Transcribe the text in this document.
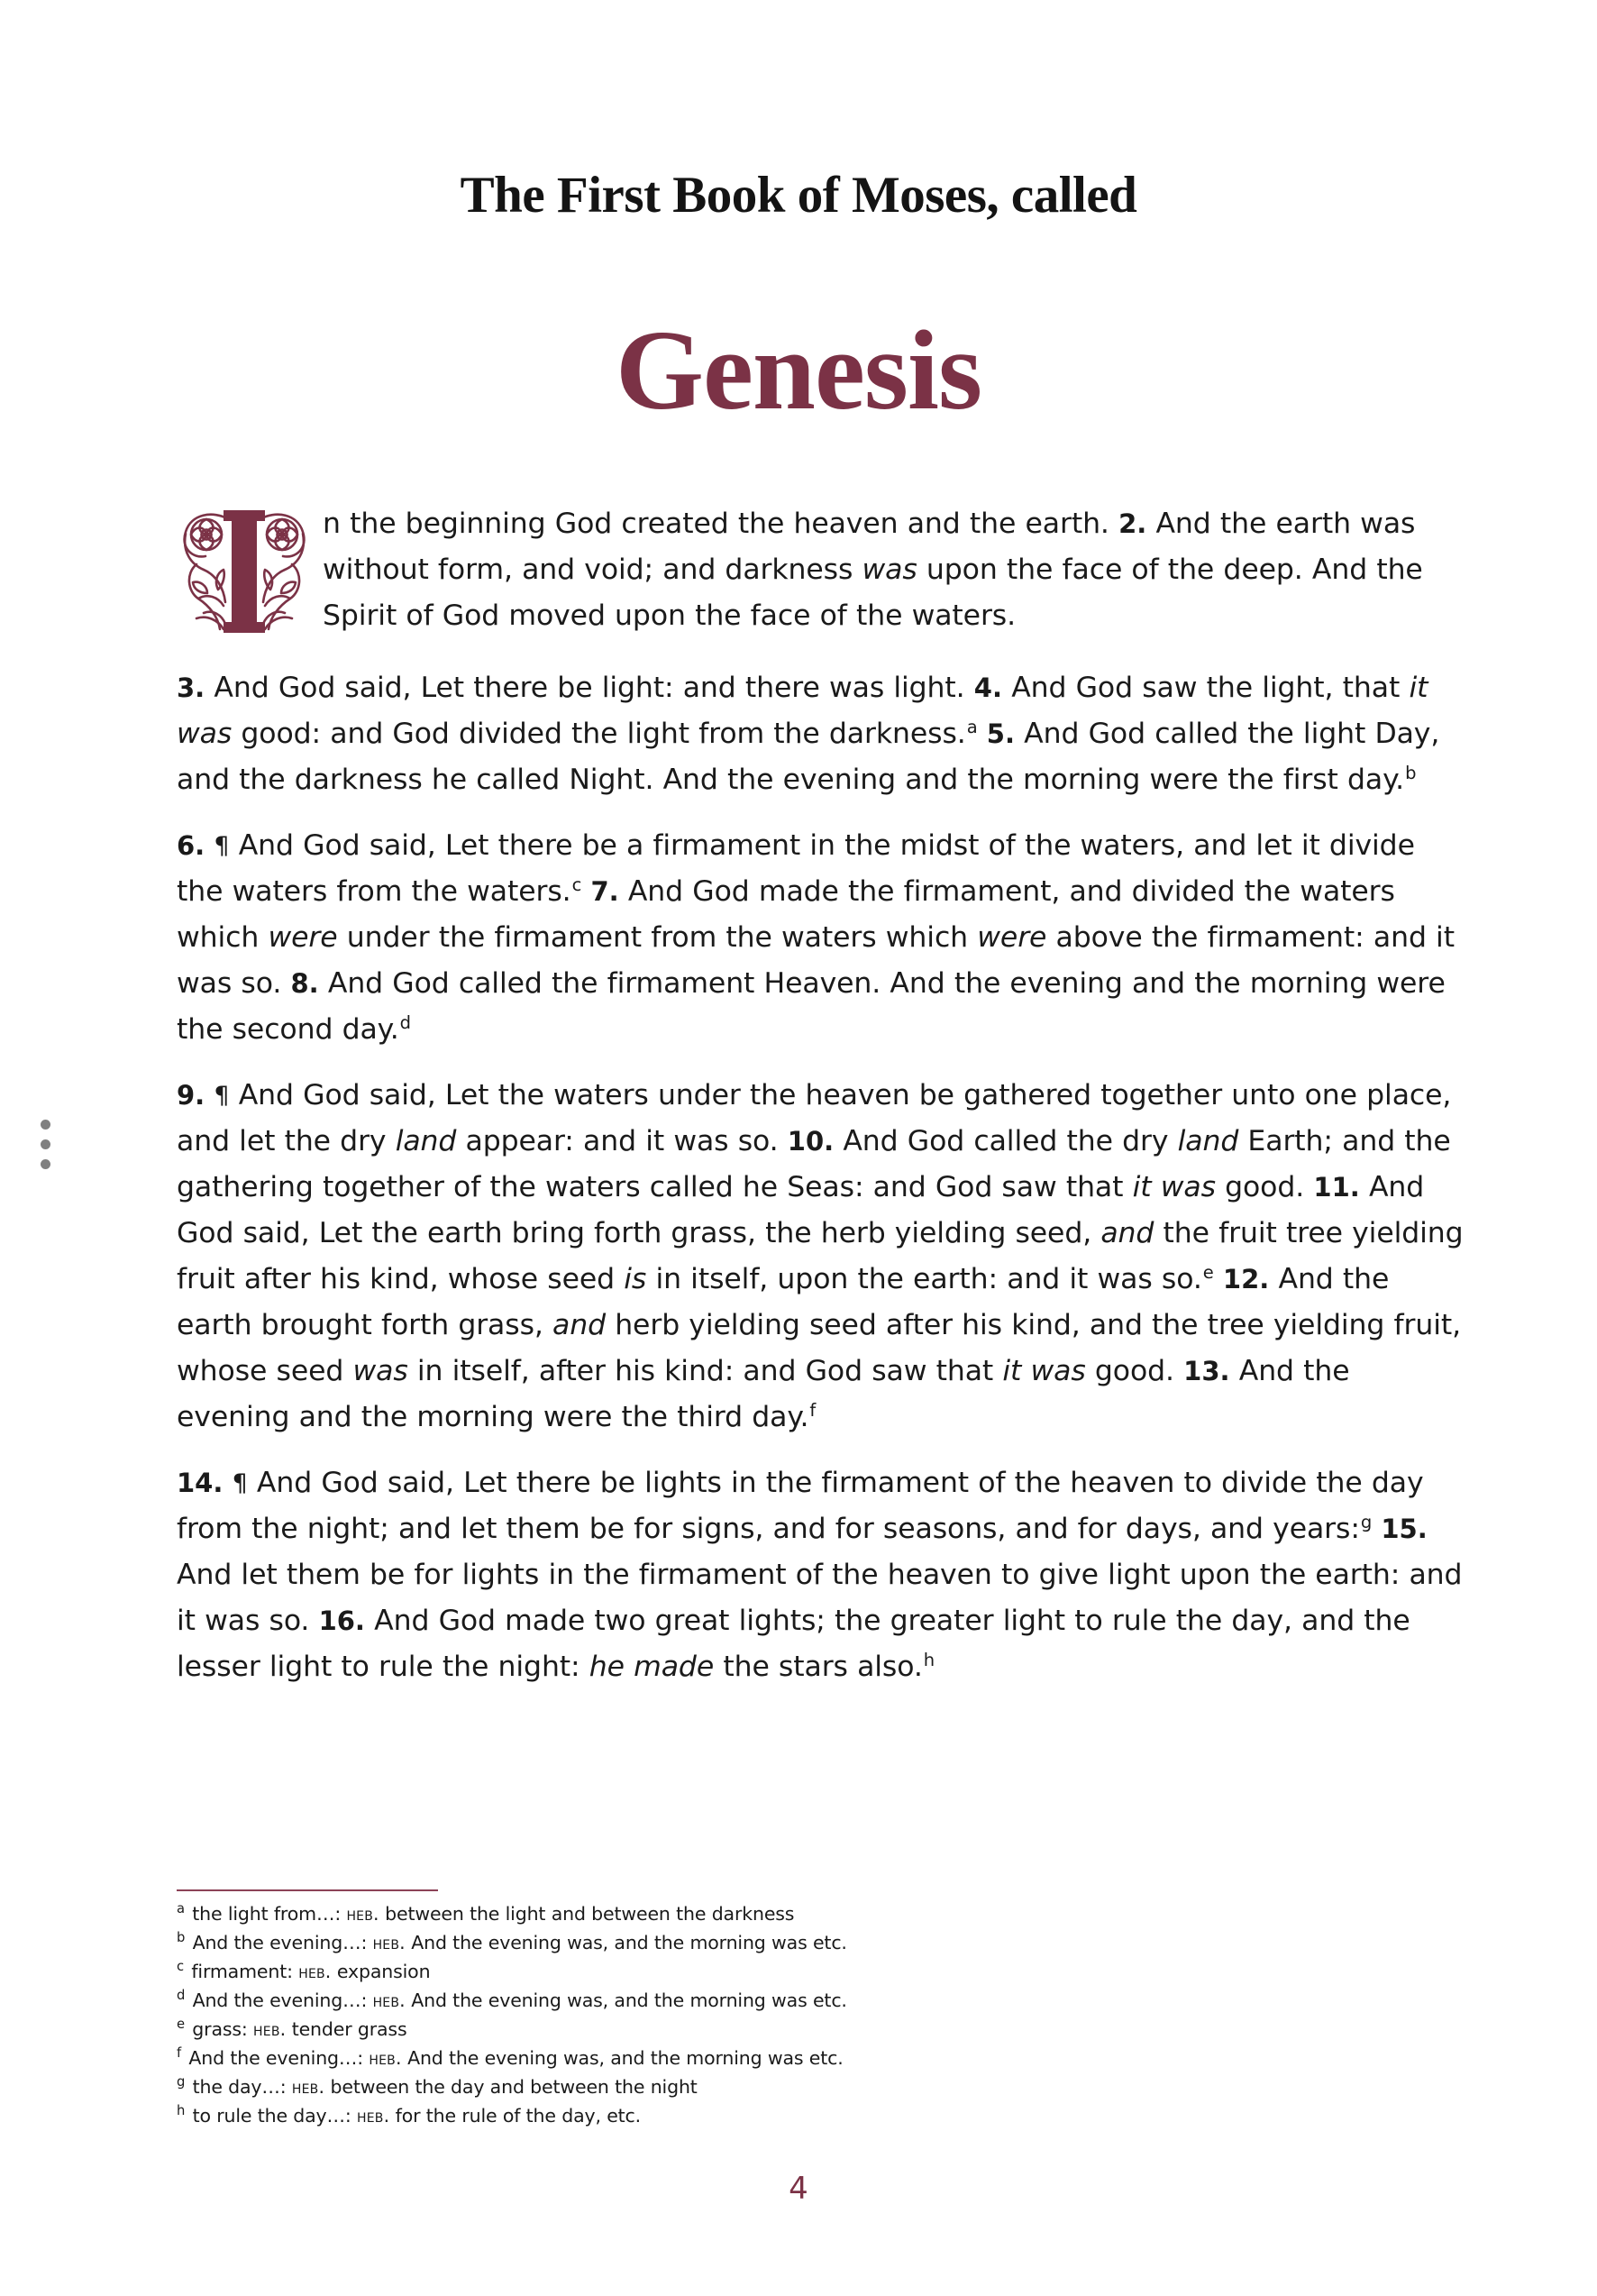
The First Book of Moses, called
Genesis

n the beginning God created the heaven and the earth. 2. And the earth was without form, and void; and darkness was upon the face of the deep. And the Spirit of God moved upon the face of the waters.

3. And God said, Let there be light: and there was light. 4. And God saw the light, that it was good: and God divided the light from the darkness.$^a$ 5. And God called the light Day, and the darkness he called Night. And the evening and the morning were the first day.$^b$

6. ¶ And God said, Let there be a firmament in the midst of the waters, and let it divide the waters from the waters.$^c$ 7. And God made the firmament, and divided the waters which were under the firmament from the waters which were above the firmament: and it was so. 8. And God called the firmament Heaven. And the evening and the morning were the second day.$^d$

9. ¶ And God said, Let the waters under the heaven be gathered together unto one place, and let the dry land appear: and it was so. 10. And God called the dry land Earth; and the gathering together of the waters called he Seas: and God saw that it was good. 11. And God said, Let the earth bring forth grass, the herb yielding seed, and the fruit tree yielding fruit after his kind, whose seed is in itself, upon the earth: and it was so.$^e$ 12. And the earth brought forth grass, and herb yielding seed after his kind, and the tree yielding fruit, whose seed was in itself, after his kind: and God saw that it was good. 13. And the evening and the morning were the third day.$^f$

14. ¶ And God said, Let there be lights in the firmament of the heaven to divide the day from the night; and let them be for signs, and for seasons, and for days, and years:$^g$ 15. And let them be for lights in the firmament of the heaven to give light upon the earth: and it was so. 16. And God made two great lights; the greater light to rule the day, and the lesser light to rule the night: he made the stars also.$^h$

$^a$ the light from…: heb. between the light and between the darkness
$^b$ And the evening…: heb. And the evening was, and the morning was etc.
$^c$ firmament: heb. expansion
$^d$ And the evening…: heb. And the evening was, and the morning was etc.
$^e$ grass: heb. tender grass
$^f$ And the evening…: heb. And the evening was, and the morning was etc.
$^g$ the day…: heb. between the day and between the night
$^h$ to rule the day…: heb. for the rule of the day, etc.
4
